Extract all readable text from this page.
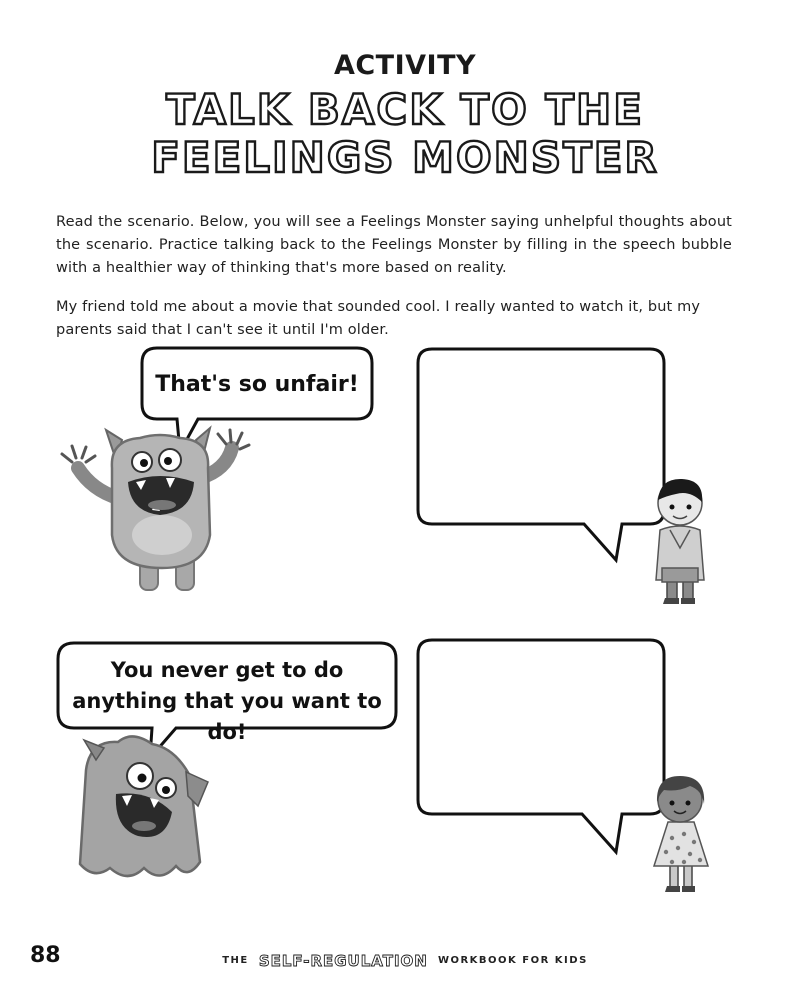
ACTIVITY
TALK BACK TO THE
FEELINGS MONSTER
Read the scenario. Below, you will see a Feelings Monster saying unhelpful thoughts about the scenario. Practice talking back to the Feelings Monster by filling in the speech bubble with a healthier way of thinking that's more based on reality.
My friend told me about a movie that sounded cool. I really wanted to watch it, but my parents said that I can't see it until I'm older.
That's so unfair!
You never get to do anything that you want to do!
88	THE SELF-REGULATION WORKBOOK FOR KIDS
